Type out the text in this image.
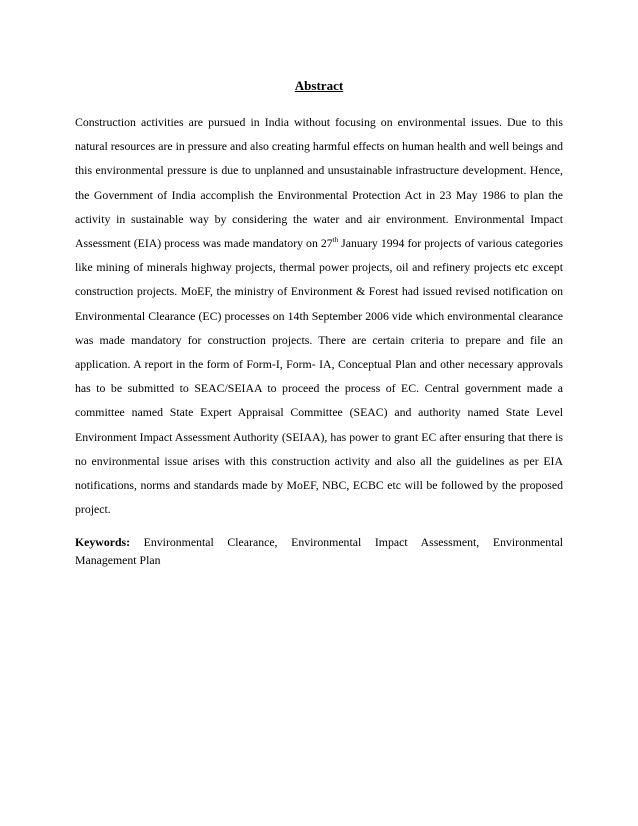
Abstract

Construction activities are pursued in India without focusing on environmental issues. Due to this natural resources are in pressure and also creating harmful effects on human health and well beings and this environmental pressure is due to unplanned and unsustainable infrastructure development. Hence, the Government of India accomplish the Environmental Protection Act in 23 May 1986 to plan the activity in sustainable way by considering the water and air environment. Environmental Impact Assessment (EIA) process was made mandatory on 27th January 1994 for projects of various categories like mining of minerals highway projects, thermal power projects, oil and refinery projects etc except construction projects. MoEF, the ministry of Environment & Forest had issued revised notification on Environmental Clearance (EC) processes on 14th September 2006 vide which environmental clearance was made mandatory for construction projects. There are certain criteria to prepare and file an application. A report in the form of Form-I, Form- IA, Conceptual Plan and other necessary approvals has to be submitted to SEAC/SEIAA to proceed the process of EC. Central government made a committee named State Expert Appraisal Committee (SEAC) and authority named State Level Environment Impact Assessment Authority (SEIAA), has power to grant EC after ensuring that there is no environmental issue arises with this construction activity and also all the guidelines as per EIA notifications, norms and standards made by MoEF, NBC, ECBC etc will be followed by the proposed project.

Keywords: Environmental Clearance, Environmental Impact Assessment, Environmental Management Plan
